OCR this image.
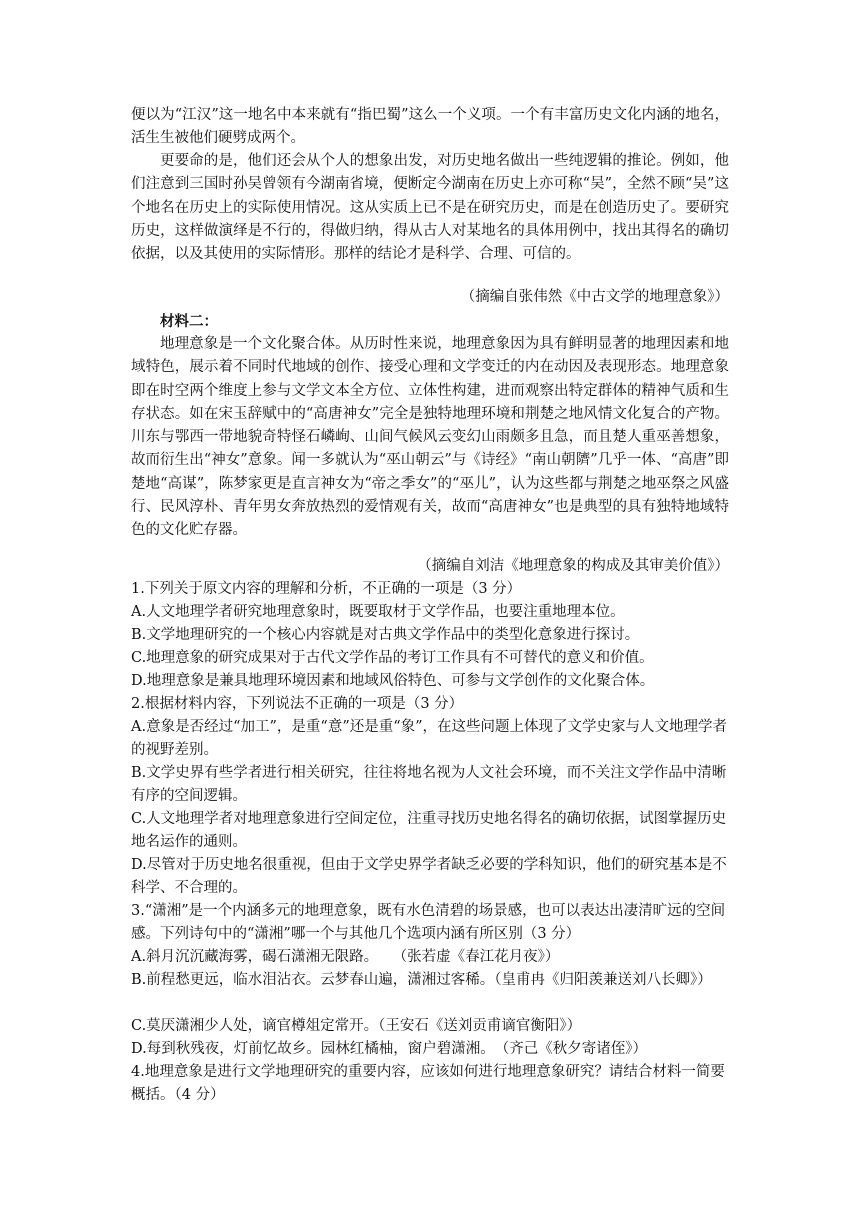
便以为“江汉”这一地名中本来就有“指巴蜀”这么一个义项。一个有丰富历史文化内涵的地名，活生生被他们硬劈成两个。

更要命的是，他们还会从个人的想象出发，对历史地名做出一些纯逻辑的推论。例如，他们注意到三国时孙吴曾领有今湖南省境，便断定今湖南在历史上亦可称“吴”，全然不顾“吴”这个地名在历史上的实际使用情况。这从实质上已不是在研究历史，而是在创造历史了。要研究历史，这样做演绎是不行的，得做归纳，得从古人对某地名的具体用例中，找出其得名的确切依据，以及其使用的实际情形。那样的结论才是科学、合理、可信的。

（摘编自张伟然《中古文学的地理意象》）
材料二：

地理意象是一个文化聚合体。从历时性来说，地理意象因为具有鲜明显著的地理因素和地域特色，展示着不同时代地域的创作、接受心理和文学变迁的内在动因及表现形态。地理意象即在时空两个维度上参与文学文本全方位、立体性构建，进而观察出特定群体的精神气质和生存状态。如在宋玉辞赋中的“高唐神女”完全是独特地理环境和荆楚之地风情文化复合的产物。川东与鄂西一带地貌奇特怪石嶙峋、山间气候风云变幻山雨颇多且急，而且楚人重巫善想象，故而衍生出“神女”意象。闻一多就认为“巫山朝云”与《诗经》“南山朝隮”几乎一体、“高唐”即楚地“高谋”，陈梦家更是直言神女为“帝之季女”的“巫儿”，认为这些都与荆楚之地巫祭之风盛行、民风淳朴、青年男女奔放热烈的爱情观有关，故而“高唐神女”也是典型的具有独特地域特色的文化贮存器。

（摘编自刘洁《地理意象的构成及其审美价值》）

1.下列关于原文内容的理解和分析，不正确的一项是（3 分）

A.人文地理学者研究地理意象时，既要取材于文学作品，也要注重地理本位。

B.文学地理研究的一个核心内容就是对古典文学作品中的类型化意象进行探讨。

C.地理意象的研究成果对于古代文学作品的考订工作具有不可替代的意义和价值。

D.地理意象是兼具地理环境因素和地域风俗特色、可参与文学创作的文化聚合体。

2.根据材料内容，下列说法不正确的一项是（3 分）

A.意象是否经过“加工”，是重“意”还是重“象”，在这些问题上体现了文学史家与人文地理学者的视野差别。

B.文学史界有些学者进行相关研究，往往将地名视为人文社会环境，而不关注文学作品中清晰有序的空间逻辑。

C.人文地理学者对地理意象进行空间定位，注重寻找历史地名得名的确切依据，试图掌握历史地名运作的通则。

D.尽管对于历史地名很重视，但由于文学史界学者缺乏必要的学科知识，他们的研究基本是不科学、不合理的。

3.“潇湘”是一个内涵多元的地理意象，既有水色清碧的场景感，也可以表达出凄清旷远的空间感。下列诗句中的“潇湘”哪一个与其他几个选项内涵有所区别（3 分）

A.斜月沉沉藏海雾，碣石潇湘无限路。　　（张若虚《春江花月夜》）

B.前程愁更远，临水泪沾衣。云梦春山遍，潇湘过客稀。（皇甫冉《归阳羡兼送刘八长卿》）

C.莫厌潇湘少人处，谪官樽俎定常开。（王安石《送刘贡甫谪官衡阳》）

D.每到秋残夜，灯前忆故乡。园林红橘柚，窗户碧潇湘。　（齐己《秋夕寄诸侄》）

4.地理意象是进行文学地理研究的重要内容，应该如何进行地理意象研究？请结合材料一简要概括。（4 分）
